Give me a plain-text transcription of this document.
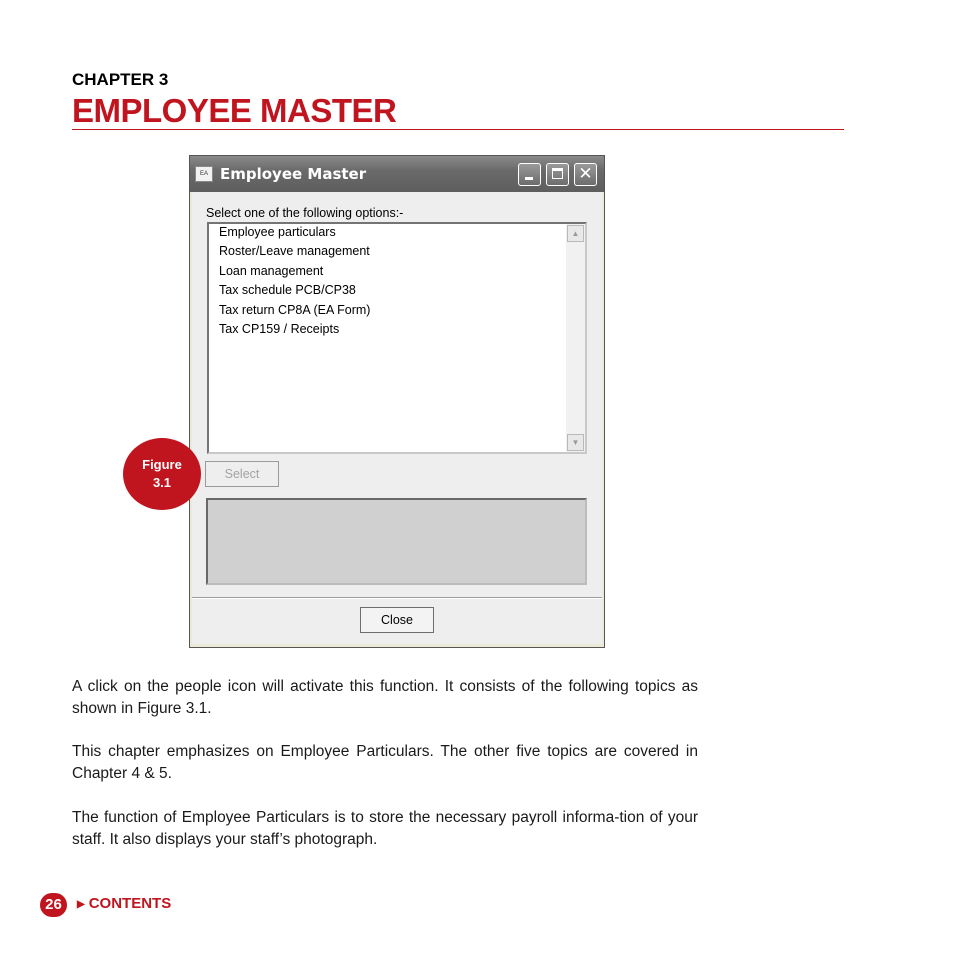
CHAPTER 3
EMPLOYEE MASTER
EA Employee Master	✕
Select one of the following options:-
Employee particulars
Roster/Leave management
Loan management
Tax schedule PCB/CP38
Tax return CP8A (EA Form)
Tax CP159 / Receipts
▲
▼
Select
Close
Figure
3.1
A click on the people icon will activate this function. It consists of the following topics as shown in Figure 3.1.
This chapter emphasizes on Employee Particulars. The other five topics are covered in Chapter 4 & 5.
The function of Employee Particulars is to store the necessary payroll informa-tion of your staff. It also displays your staff’s photograph.
26	▶ CONTENTS
